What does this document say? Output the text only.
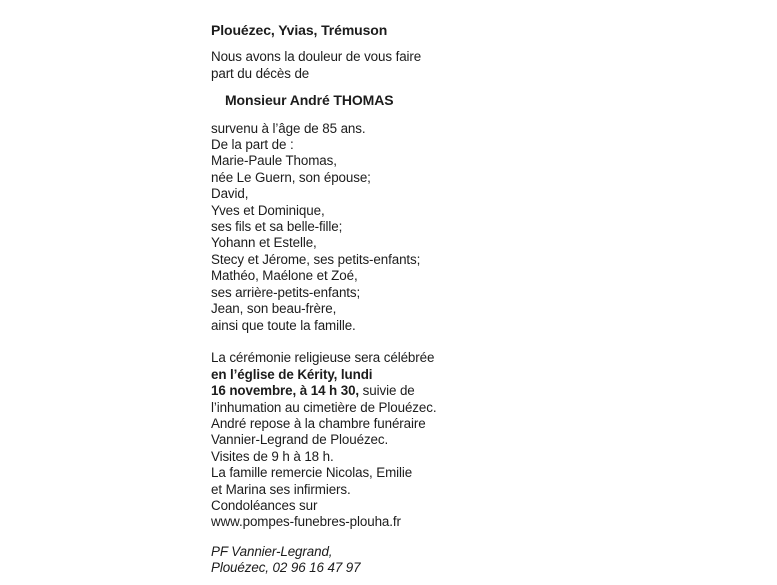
Plouézec, Yvias, Trémuson
Nous avons la douleur de vous faire
part du décès de
Monsieur André THOMAS
survenu à l’âge de 85 ans.
De la part de :
Marie-Paule Thomas,
née Le Guern, son épouse;
David,
Yves et Dominique,
ses fils et sa belle-fille;
Yohann et Estelle,
Stecy et Jérome, ses petits-enfants;
Mathéo, Maélone et Zoé,
ses arrière-petits-enfants;
Jean, son beau-frère,
ainsi que toute la famille.
La cérémonie religieuse sera célébrée
en l’église de Kérity, lundi
16 novembre, à 14 h 30, suivie de
l’inhumation au cimetière de Plouézec.
André repose à la chambre funéraire
Vannier-Legrand de Plouézec.
Visites de 9 h à 18 h.
La famille remercie Nicolas, Emilie
et Marina ses infirmiers.
Condoléances sur
www.pompes-funebres-plouha.fr
PF Vannier-Legrand,
Plouézec, 02 96 16 47 97
